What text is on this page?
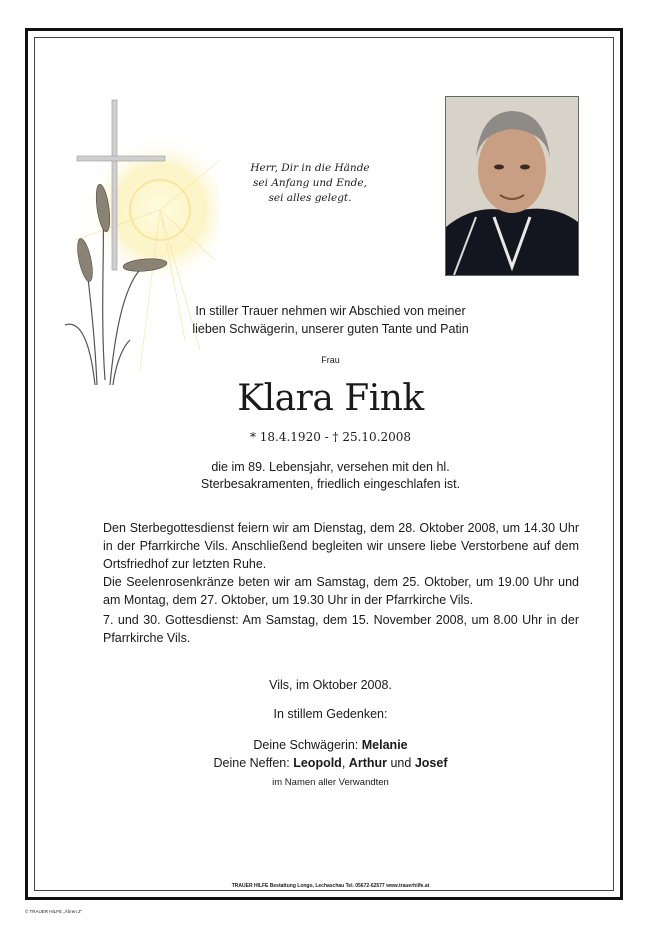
Herr, Dir in die Hände
sei Anfang und Ende,
sei alles gelegt.
In stiller Trauer nehmen wir Abschied von meiner
lieben Schwägerin, unserer guten Tante und Patin
Frau
Klara Fink
* 18.4.1920 - † 25.10.2008
die im 89. Lebensjahr, versehen mit den hl.
Sterbesakramenten, friedlich eingeschlafen ist.
Den Sterbegottesdienst feiern wir am Dienstag, dem 28. Oktober 2008, um 14.30 Uhr in der Pfarrkirche Vils. Anschließend begleiten wir unsere liebe Verstorbene auf dem Ortsfriedhof zur letzten Ruhe.
Die Seelenrosenkränze beten wir am Samstag, dem 25. Oktober, um 19.00 Uhr und am Montag, dem 27. Oktober, um 19.30 Uhr in der Pfarrkirche Vils.
7. und 30. Gottesdienst: Am Samstag, dem 15. November 2008, um 8.00 Uhr in der Pfarrkirche Vils.
Vils, im Oktober 2008.
In stillem Gedenken:
Deine Schwägerin: Melanie
Deine Neffen: Leopold, Arthur und Josef
im Namen aller Verwandten
TRAUER HILFE Bestattung Longo, Lechaschau Tel. 05672-62577 www.trauerhilfe.at
© TRAUER HILFE „Ähren 2"
